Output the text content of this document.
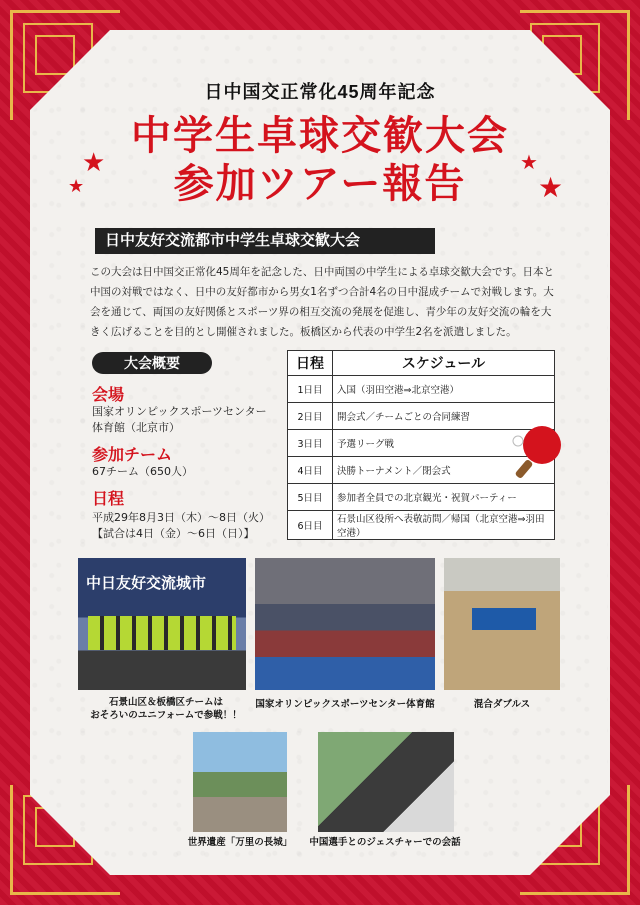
日中国交正常化45周年記念
中学生卓球交歓大会
参加ツアー報告
★
★
★
★
日中友好交流都市中学生卓球交歓大会
この大会は日中国交正常化45周年を記念した、日中両国の中学生による卓球交歓大会です。日本と中国の対戦ではなく、日中の友好都市から男女1名ずつ合計4名の日中混成チームで対戦します。大会を通じて、両国の友好関係とスポーツ界の相互交流の発展を促進し、青少年の友好交流の輪を大きく広げることを目的とし開催されました。板橋区から代表の中学生2名を派遣しました。
大会概要
会場
国家オリンピックスポーツセンター
体育館（北京市）
参加チーム
67チーム（650人）
日程
平成29年8月3日（木）～8日（火）
【試合は4日（金）～6日（日）】
日程	スケジュール
1日目	入国（羽田空港⇒北京空港）
2日目	開会式／チームごとの合同練習
3日目	予選リーグ戦
4日目	決勝トーナメント／閉会式
5日目	参加者全員での北京観光・祝賀パーティー
6日目	石景山区役所へ表敬訪問／帰国（北京空港⇒羽田空港）
中日友好交流城市
石景山区＆板橋区チームは
おそろいのユニフォームで参戦！！
国家オリンピックスポーツセンター体育館	混合ダブルス
世界遺産「万里の長城」	中国選手とのジェスチャーでの会話
